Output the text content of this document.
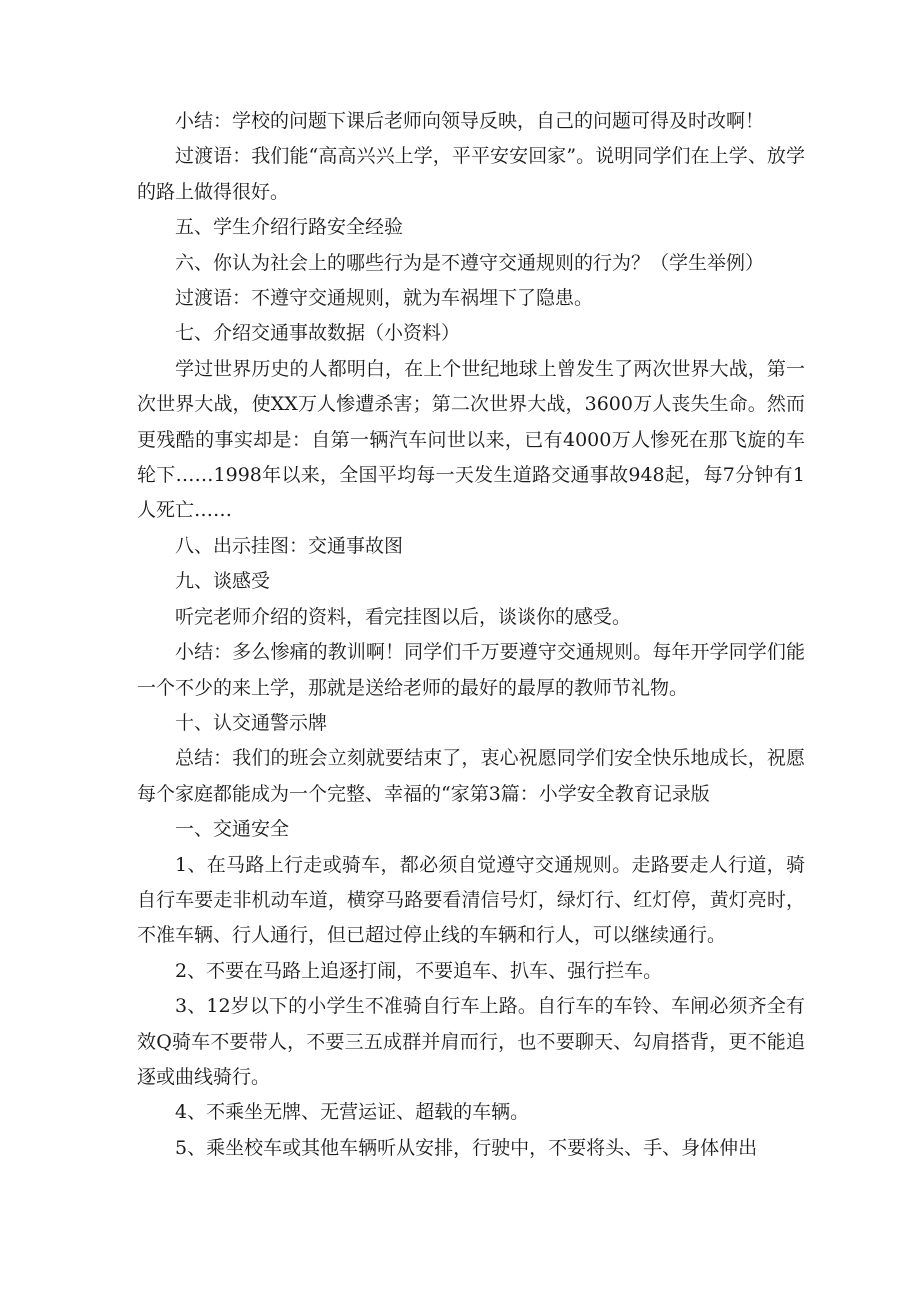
小结：学校的问题下课后老师向领导反映，自己的问题可得及时改啊！

过渡语：我们能“高高兴兴上学，平平安安回家”。说明同学们在上学、放学的路上做得很好。

五、学生介绍行路安全经验

六、你认为社会上的哪些行为是不遵守交通规则的行为？（学生举例）

过渡语：不遵守交通规则，就为车祸埋下了隐患。

七、介绍交通事故数据（小资料）

学过世界历史的人都明白，在上个世纪地球上曾发生了两次世界大战，第一次世界大战，使XX万人惨遭杀害；第二次世界大战，3600万人丧失生命。然而更残酷的事实却是：自第一辆汽车问世以来，已有4000万人惨死在那飞旋的车轮下……1998年以来，全国平均每一天发生道路交通事故948起，每7分钟有1人死亡……

八、出示挂图：交通事故图

九、谈感受

听完老师介绍的资料，看完挂图以后，谈谈你的感受。

小结：多么惨痛的教训啊！同学们千万要遵守交通规则。每年开学同学们能一个不少的来上学，那就是送给老师的最好的最厚的教师节礼物。

十、认交通警示牌

总结：我们的班会立刻就要结束了，衷心祝愿同学们安全快乐地成长，祝愿每个家庭都能成为一个完整、幸福的“家第3篇：小学安全教育记录版

一、交通安全

1、在马路上行走或骑车，都必须自觉遵守交通规则。走路要走人行道，骑自行车要走非机动车道，横穿马路要看清信号灯，绿灯行、红灯停，黄灯亮时，不准车辆、行人通行，但已超过停止线的车辆和行人，可以继续通行。

2、不要在马路上追逐打闹，不要追车、扒车、强行拦车。

3、12岁以下的小学生不准骑自行车上路。自行车的车铃、车闸必须齐全有效Q骑车不要带人，不要三五成群并肩而行，也不要聊天、勾肩搭背，更不能追逐或曲线骑行。

4、不乘坐无牌、无营运证、超载的车辆。

5、乘坐校车或其他车辆听从安排，行驶中，不要将头、手、身体伸出
